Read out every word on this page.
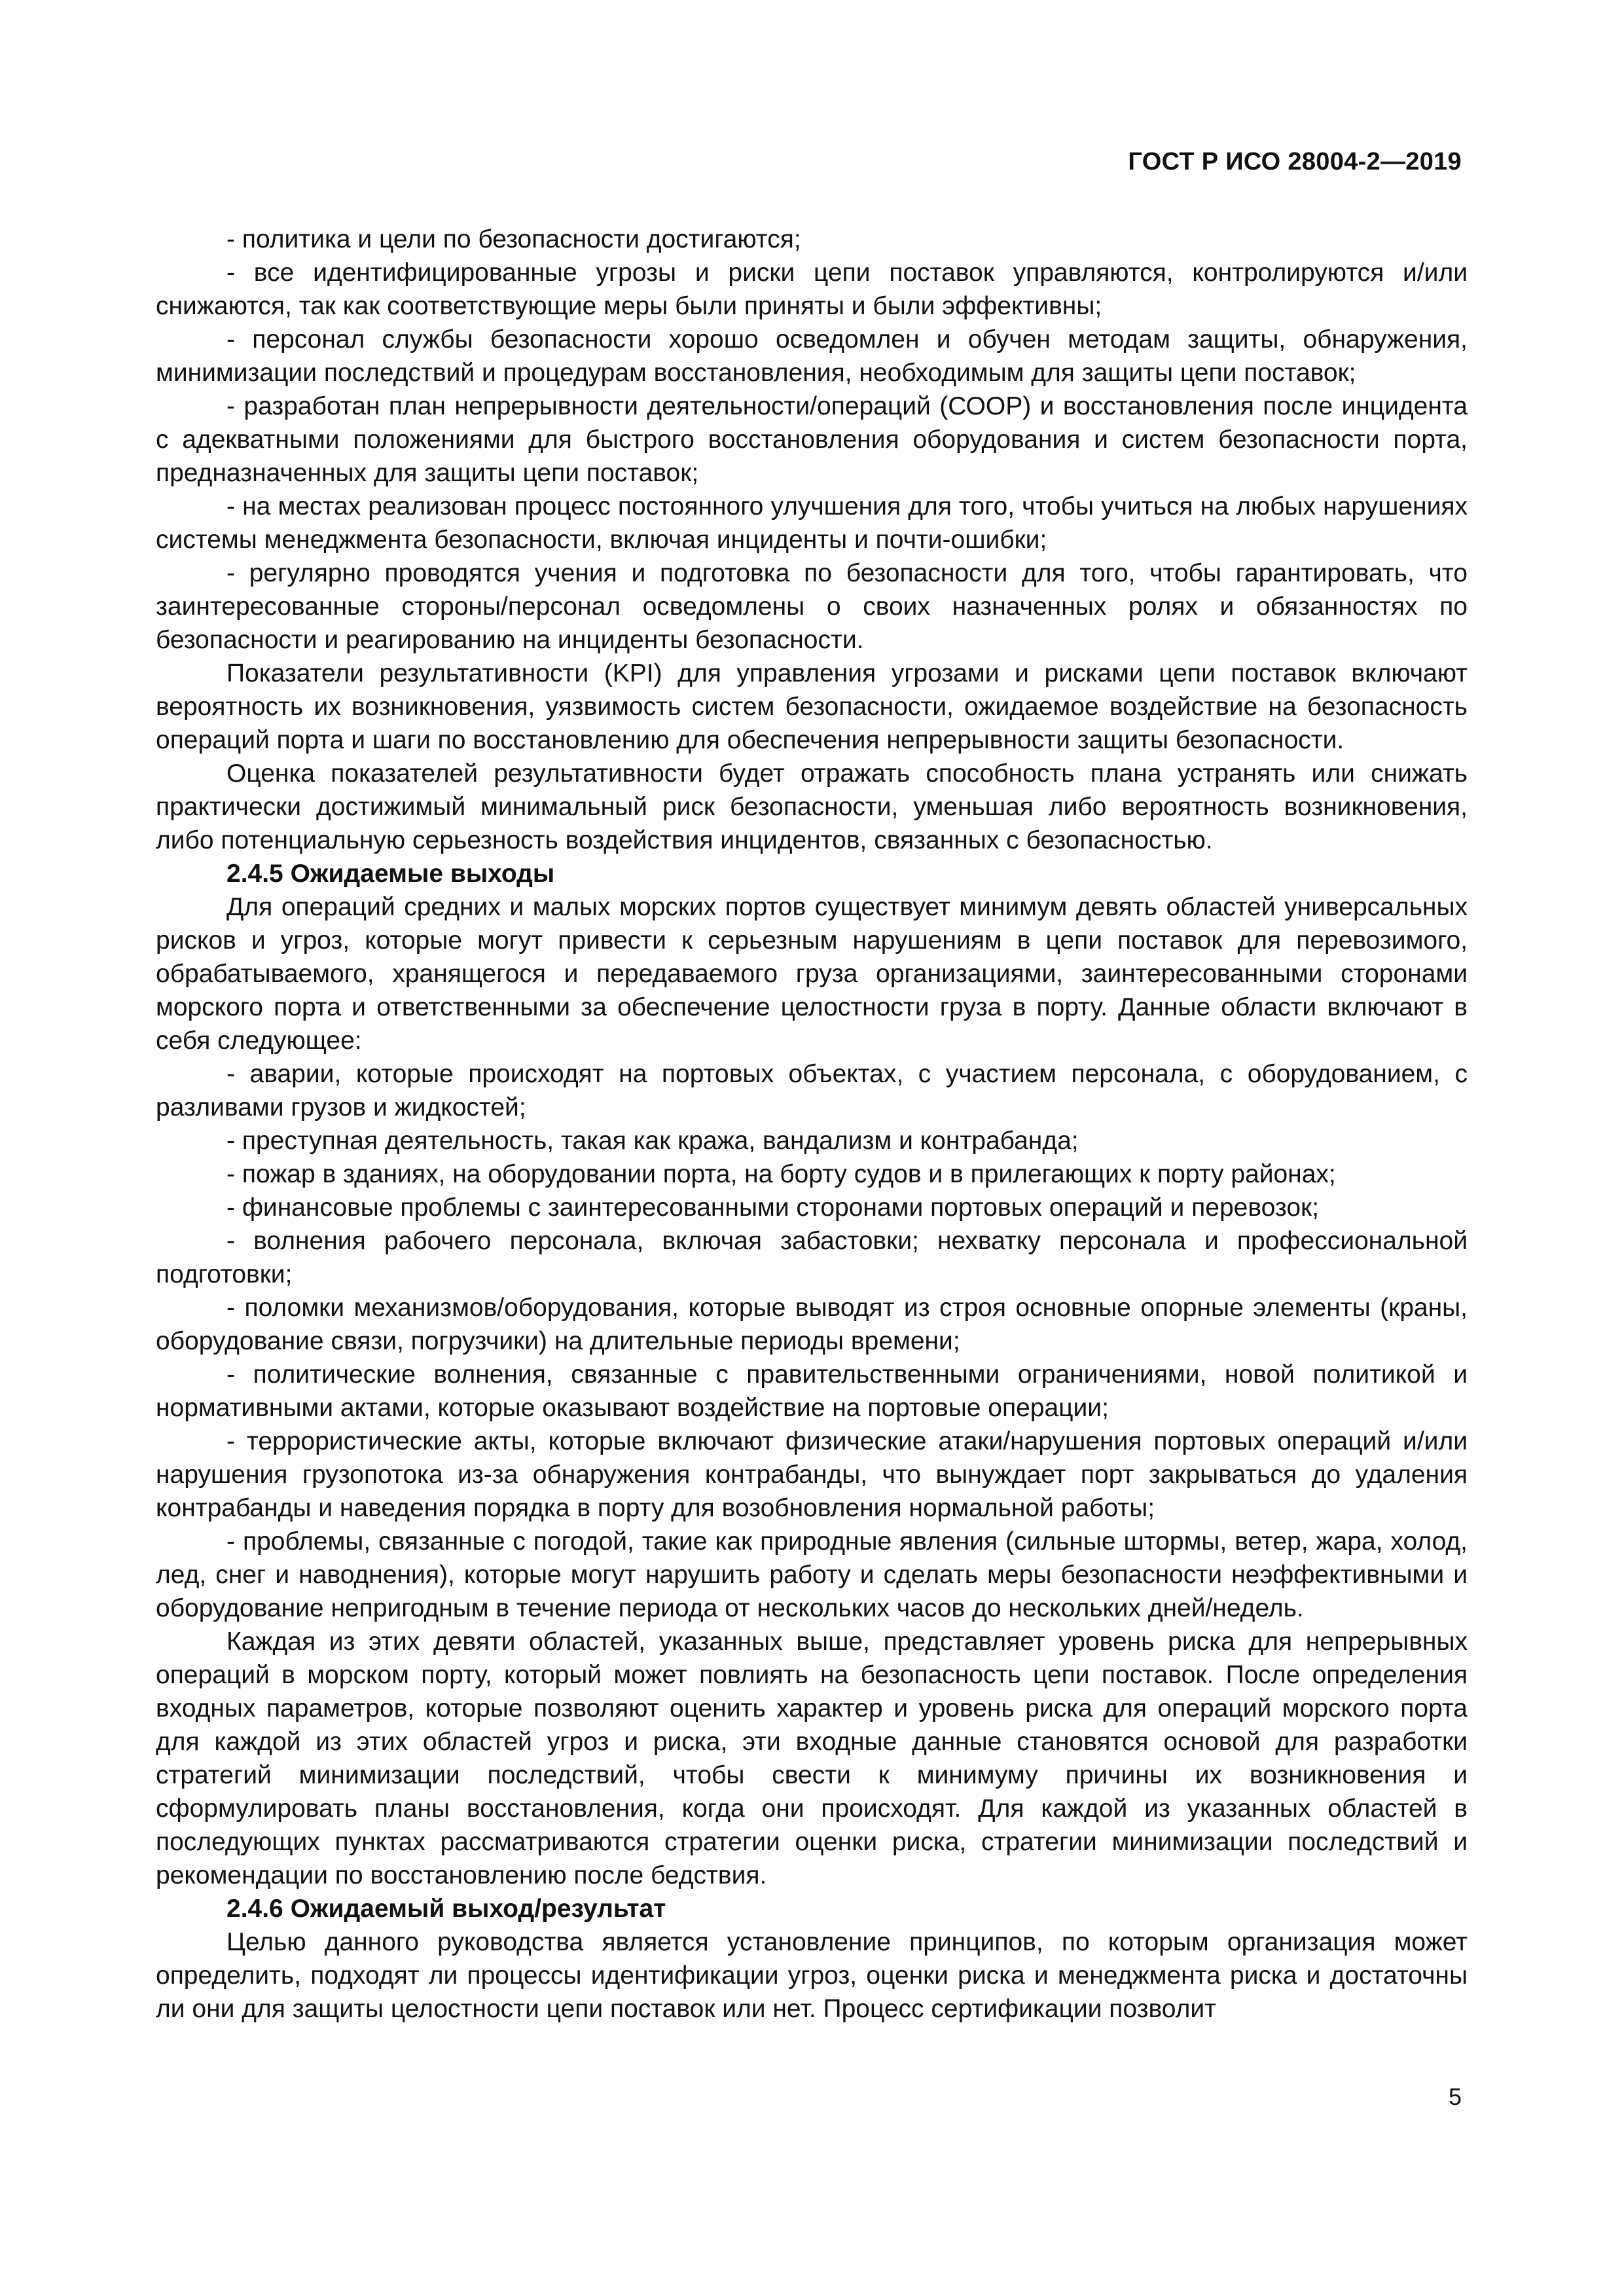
ГОСТ Р ИСО 28004-2—2019

- политика и цели по безопасности достигаются;

- все идентифицированные угрозы и риски цепи поставок управляются, контролируются и/или снижаются, так как соответствующие меры были приняты и были эффективны;

- персонал службы безопасности хорошо осведомлен и обучен методам защиты, обнаружения, минимизации последствий и процедурам восстановления, необходимым для защиты цепи поставок;

- разработан план непрерывности деятельности/операций (СООР) и восстановления после инцидента с адекватными положениями для быстрого восстановления оборудования и систем безопасности порта, предназначенных для защиты цепи поставок;

- на местах реализован процесс постоянного улучшения для того, чтобы учиться на любых нарушениях системы менеджмента безопасности, включая инциденты и почти-ошибки;

- регулярно проводятся учения и подготовка по безопасности для того, чтобы гарантировать, что заинтересованные стороны/персонал осведомлены о своих назначенных ролях и обязанностях по безопасности и реагированию на инциденты безопасности.

Показатели результативности (KPI) для управления угрозами и рисками цепи поставок включают вероятность их возникновения, уязвимость систем безопасности, ожидаемое воздействие на безопасность операций порта и шаги по восстановлению для обеспечения непрерывности защиты безопасности.

Оценка показателей результативности будет отражать способность плана устранять или снижать практически достижимый минимальный риск безопасности, уменьшая либо вероятность возникновения, либо потенциальную серьезность воздействия инцидентов, связанных с безопасностью.

2.4.5 Ожидаемые выходы

Для операций средних и малых морских портов существует минимум девять областей универсальных рисков и угроз, которые могут привести к серьезным нарушениям в цепи поставок для перевозимого, обрабатываемого, хранящегося и передаваемого груза организациями, заинтересованными сторонами морского порта и ответственными за обеспечение целостности груза в порту. Данные области включают в себя следующее:

- аварии, которые происходят на портовых объектах, с участием персонала, с оборудованием, с разливами грузов и жидкостей;

- преступная деятельность, такая как кража, вандализм и контрабанда;

- пожар в зданиях, на оборудовании порта, на борту судов и в прилегающих к порту районах;

- финансовые проблемы с заинтересованными сторонами портовых операций и перевозок;

- волнения рабочего персонала, включая забастовки; нехватку персонала и профессиональной подготовки;

- поломки механизмов/оборудования, которые выводят из строя основные опорные элементы (краны, оборудование связи, погрузчики) на длительные периоды времени;

- политические волнения, связанные с правительственными ограничениями, новой политикой и нормативными актами, которые оказывают воздействие на портовые операции;

- террористические акты, которые включают физические атаки/нарушения портовых операций и/или нарушения грузопотока из-за обнаружения контрабанды, что вынуждает порт закрываться до удаления контрабанды и наведения порядка в порту для возобновления нормальной работы;

- проблемы, связанные с погодой, такие как природные явления (сильные штормы, ветер, жара, холод, лед, снег и наводнения), которые могут нарушить работу и сделать меры безопасности неэффективными и оборудование непригодным в течение периода от нескольких часов до нескольких дней/недель.

Каждая из этих девяти областей, указанных выше, представляет уровень риска для непрерывных операций в морском порту, который может повлиять на безопасность цепи поставок. После определения входных параметров, которые позволяют оценить характер и уровень риска для операций морского порта для каждой из этих областей угроз и риска, эти входные данные становятся основой для разработки стратегий минимизации последствий, чтобы свести к минимуму причины их возникновения и сформулировать планы восстановления, когда они происходят. Для каждой из указанных областей в последующих пунктах рассматриваются стратегии оценки риска, стратегии минимизации последствий и рекомендации по восстановлению после бедствия.

2.4.6 Ожидаемый выход/результат

Целью данного руководства является установление принципов, по которым организация может определить, подходят ли процессы идентификации угроз, оценки риска и менеджмента риска и достаточны ли они для защиты целостности цепи поставок или нет. Процесс сертификации позволит

5
